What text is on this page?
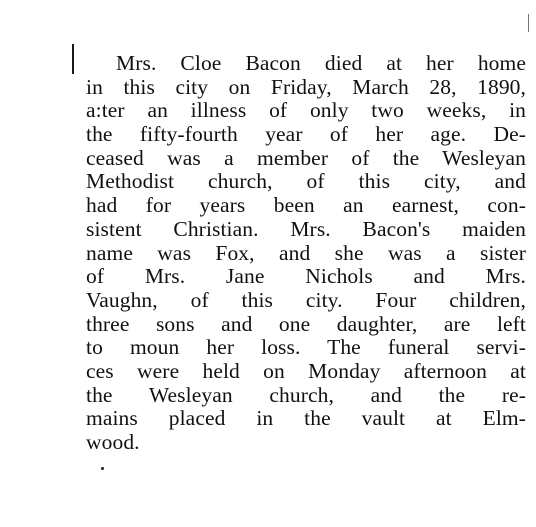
Mrs. Cloe Bacon died at her home
in this city on Friday, March 28, 1890,
a:ter an illness of only two weeks, in
the fifty-fourth year of her age. De-
ceased was a member of the Wesleyan
Methodist church, of this city, and
had for years been an earnest, con-
sistent Christian. Mrs. Bacon's maiden
name was Fox, and she was a sister
of Mrs. Jane Nichols and Mrs.
Vaughn, of this city. Four children,
three sons and one daughter, are left
to moun her loss. The funeral servi-
ces were held on Monday afternoon at
the Wesleyan church, and the re-
mains placed in the vault at Elm-
wood.
